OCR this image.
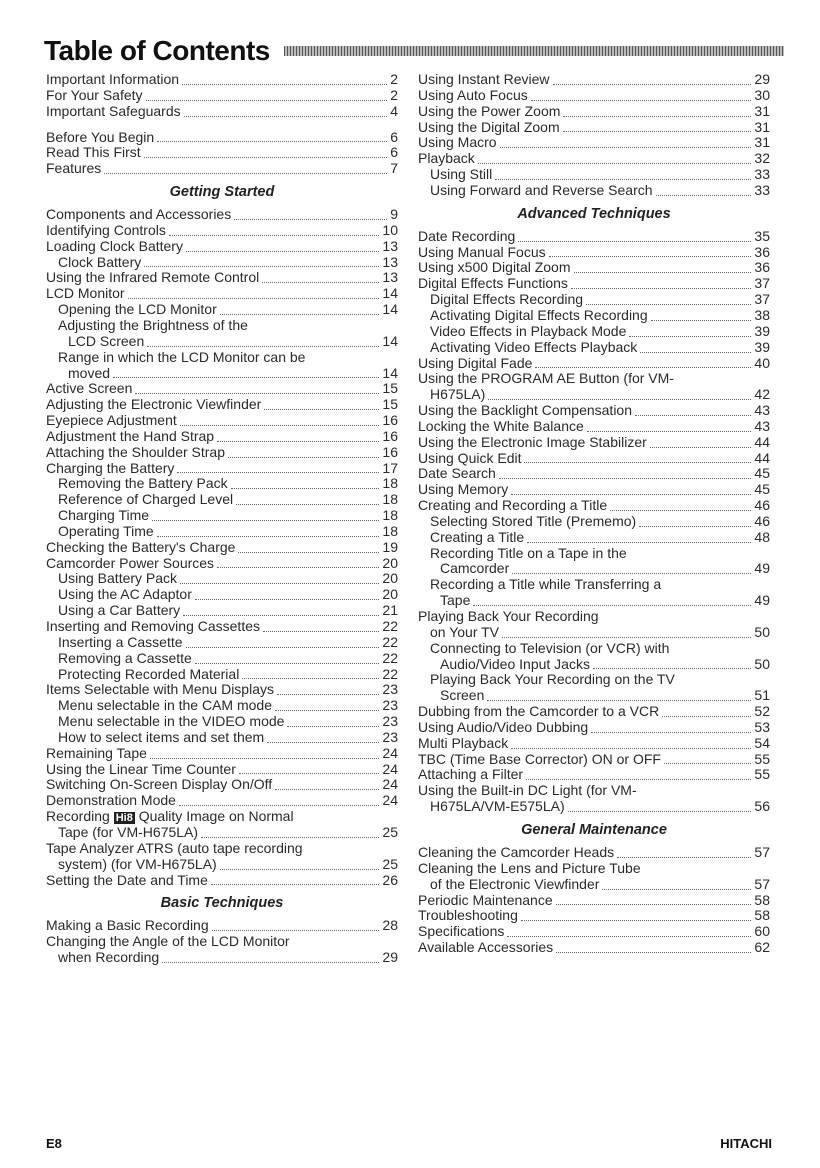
Table of Contents
Important Information	2
For Your Safety	2
Important Safeguards	4
Before You Begin	6
Read This First	6
Features	7
Getting Started
Components and Accessories	9
Identifying Controls	10
Loading Clock Battery	13
Clock Battery	13
Using the Infrared Remote Control	13
LCD Monitor	14
Opening the LCD Monitor	14
Adjusting the Brightness of the
LCD Screen	14
Range in which the LCD Monitor can be
moved	14
Active Screen	15
Adjusting the Electronic Viewfinder	15
Eyepiece Adjustment	16
Adjustment the Hand Strap	16
Attaching the Shoulder Strap	16
Charging the Battery	17
Removing the Battery Pack	18
Reference of Charged Level	18
Charging Time	18
Operating Time	18
Checking the Battery's Charge	19
Camcorder Power Sources	20
Using Battery Pack	20
Using the AC Adaptor	20
Using a Car Battery	21
Inserting and Removing Cassettes	22
Inserting a Cassette	22
Removing a Cassette	22
Protecting Recorded Material	22
Items Selectable with Menu Displays	23
Menu selectable in the CAM mode	23
Menu selectable in the VIDEO mode	23
How to select items and set them	23
Remaining Tape	24
Using the Linear Time Counter	24
Switching On-Screen Display On/Off	24
Demonstration Mode	24
Recording Hi8 Quality Image on Normal
Tape (for VM-H675LA)	25
Tape Analyzer ATRS (auto tape recording
system) (for VM-H675LA)	25
Setting the Date and Time	26
Basic Techniques
Making a Basic Recording	28
Changing the Angle of the LCD Monitor
when Recording	29
Using Instant Review	29
Using Auto Focus	30
Using the Power Zoom	31
Using the Digital Zoom	31
Using Macro	31
Playback	32
Using Still	33
Using Forward and Reverse Search	33
Advanced Techniques
Date Recording	35
Using Manual Focus	36
Using x500 Digital Zoom	36
Digital Effects Functions	37
Digital Effects Recording	37
Activating Digital Effects Recording	38
Video Effects in Playback Mode	39
Activating Video Effects Playback	39
Using Digital Fade	40
Using the PROGRAM AE Button (for VM-
H675LA)	42
Using the Backlight Compensation	43
Locking the White Balance	43
Using the Electronic Image Stabilizer	44
Using Quick Edit	44
Date Search	45
Using Memory	45
Creating and Recording a Title	46
Selecting Stored Title (Prememo)	46
Creating a Title	48
Recording Title on a Tape in the
Camcorder	49
Recording a Title while Transferring a
Tape	49
Playing Back Your Recording
on Your TV	50
Connecting to Television (or VCR) with
Audio/Video Input Jacks	50
Playing Back Your Recording on the TV
Screen	51
Dubbing from the Camcorder to a VCR	52
Using Audio/Video Dubbing	53
Multi Playback	54
TBC (Time Base Corrector) ON or OFF	55
Attaching a Filter	55
Using the Built-in DC Light (for VM-
H675LA/VM-E575LA)	56
General Maintenance
Cleaning the Camcorder Heads	57
Cleaning the Lens and Picture Tube
of the Electronic Viewfinder	57
Periodic Maintenance	58
Troubleshooting	58
Specifications	60
Available Accessories	62
E8	HITACHI
